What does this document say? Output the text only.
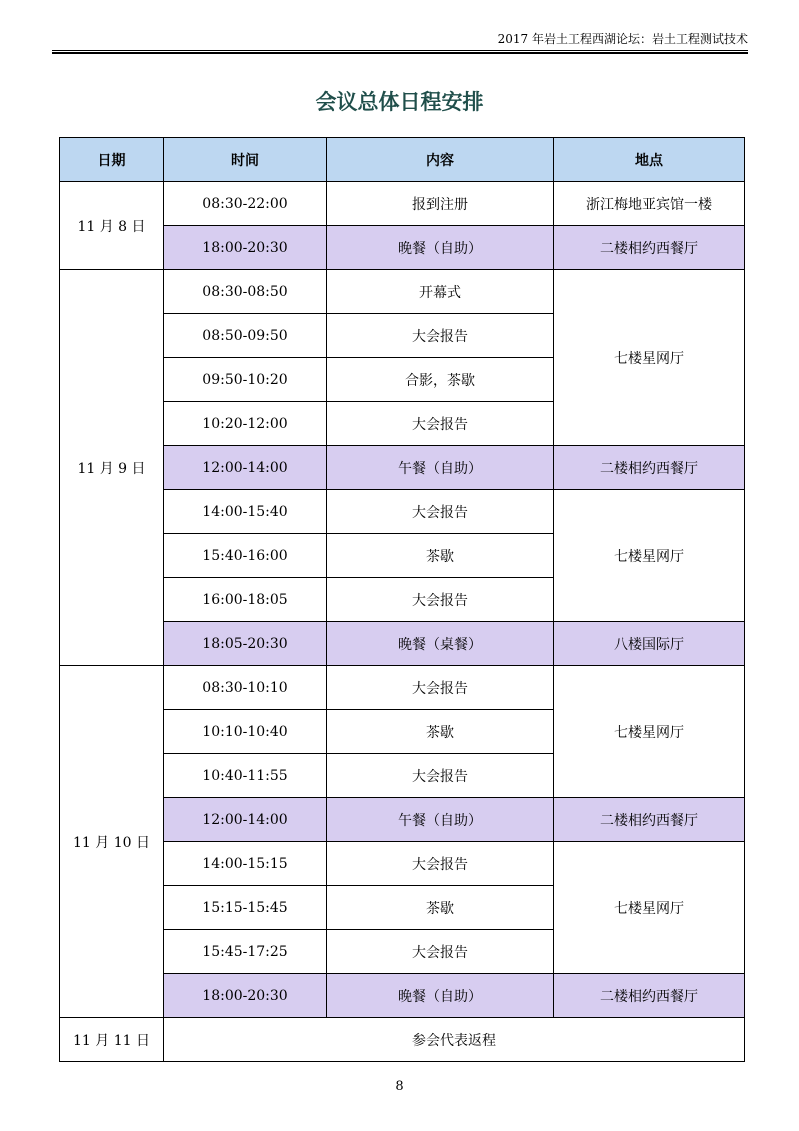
2017 年岩土工程西湖论坛：岩土工程测试技术
会议总体日程安排
日期	时间	内容	地点
11 月 8 日	08:30-22:00	报到注册	浙江梅地亚宾馆一楼
	18:00-20:30	晚餐（自助）	二楼相约西餐厅
11 月 9 日	08:30-08:50	开幕式	七楼星网厅
	08:50-09:50	大会报告	
	09:50-10:20	合影，茶歇	
	10:20-12:00	大会报告	
	12:00-14:00	午餐（自助）	二楼相约西餐厅
	14:00-15:40	大会报告	七楼星网厅
	15:40-16:00	茶歇	
	16:00-18:05	大会报告	
	18:05-20:30	晚餐（桌餐）	八楼国际厅
11 月 10 日	08:30-10:10	大会报告	七楼星网厅
	10:10-10:40	茶歇	
	10:40-11:55	大会报告	
	12:00-14:00	午餐（自助）	二楼相约西餐厅
	14:00-15:15	大会报告	七楼星网厅
	15:15-15:45	茶歇	
	15:45-17:25	大会报告	
	18:00-20:30	晚餐（自助）	二楼相约西餐厅
11 月 11 日	参会代表返程		
8
